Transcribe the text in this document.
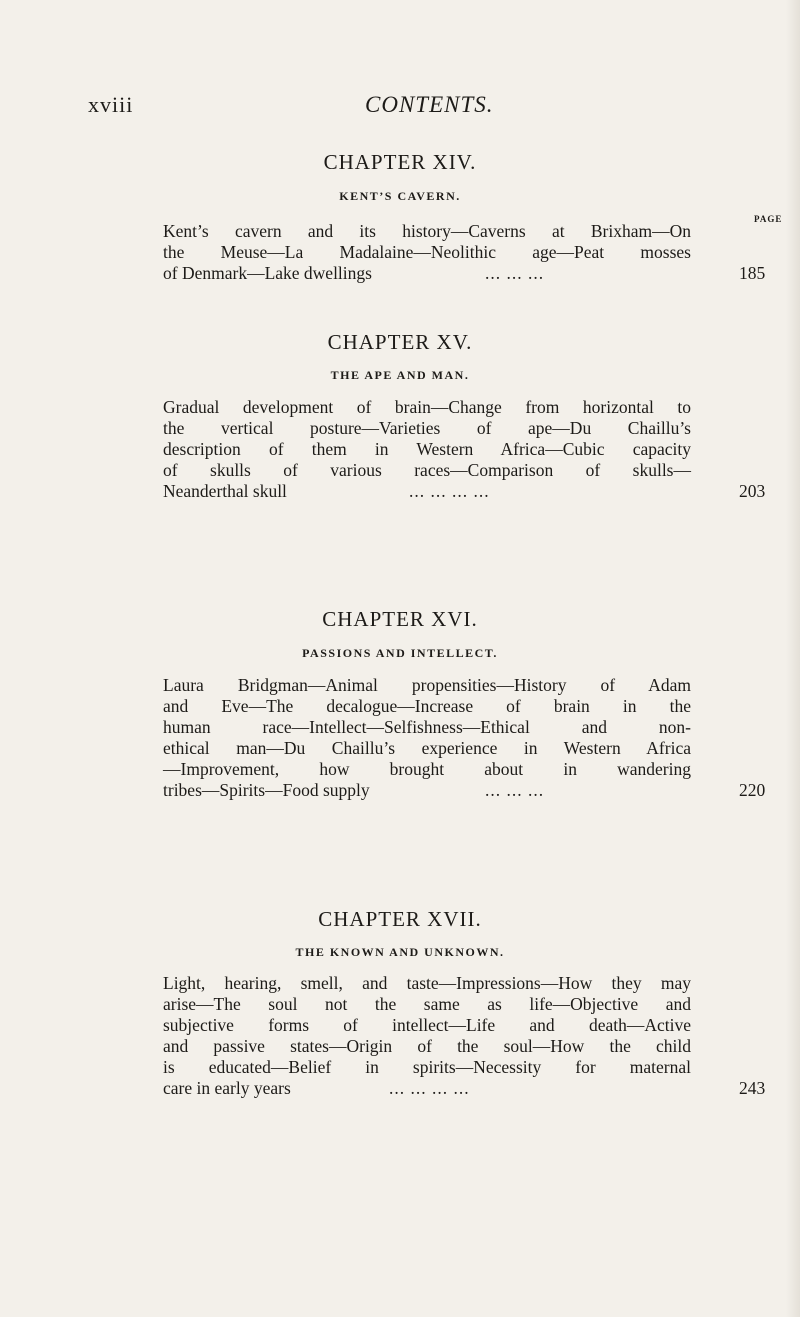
xviii	CONTENTS.
CHAPTER XIV.
KENT’S CAVERN.
PAGE
Kent’s cavern and its history—Caverns at Brixham—On
the Meuse—La Madalaine—Neolithic age—Peat mosses
of Denmark—Lake dwellings	... ... ...	185
CHAPTER XV.
THE APE AND MAN.
Gradual development of brain—Change from horizontal to
the vertical posture—Varieties of ape—Du Chaillu’s
description of them in Western Africa—Cubic capacity
of skulls of various races—Comparison of skulls—
Neanderthal skull	... ... ... ...	203
CHAPTER XVI.
PASSIONS AND INTELLECT.
Laura Bridgman—Animal propensities—History of Adam
and Eve—The decalogue—Increase of brain in the
human race—Intellect—Selfishness—Ethical and non-
ethical man—Du Chaillu’s experience in Western Africa
—Improvement, how brought about in wandering
tribes—Spirits—Food supply	... ... ...	220
CHAPTER XVII.
THE KNOWN AND UNKNOWN.
Light, hearing, smell, and taste—Impressions—How they may
arise—The soul not the same as life—Objective and
subjective forms of intellect—Life and death—Active
and passive states—Origin of the soul—How the child
is educated—Belief in spirits—Necessity for maternal
care in early years	... ... ... ...	243
